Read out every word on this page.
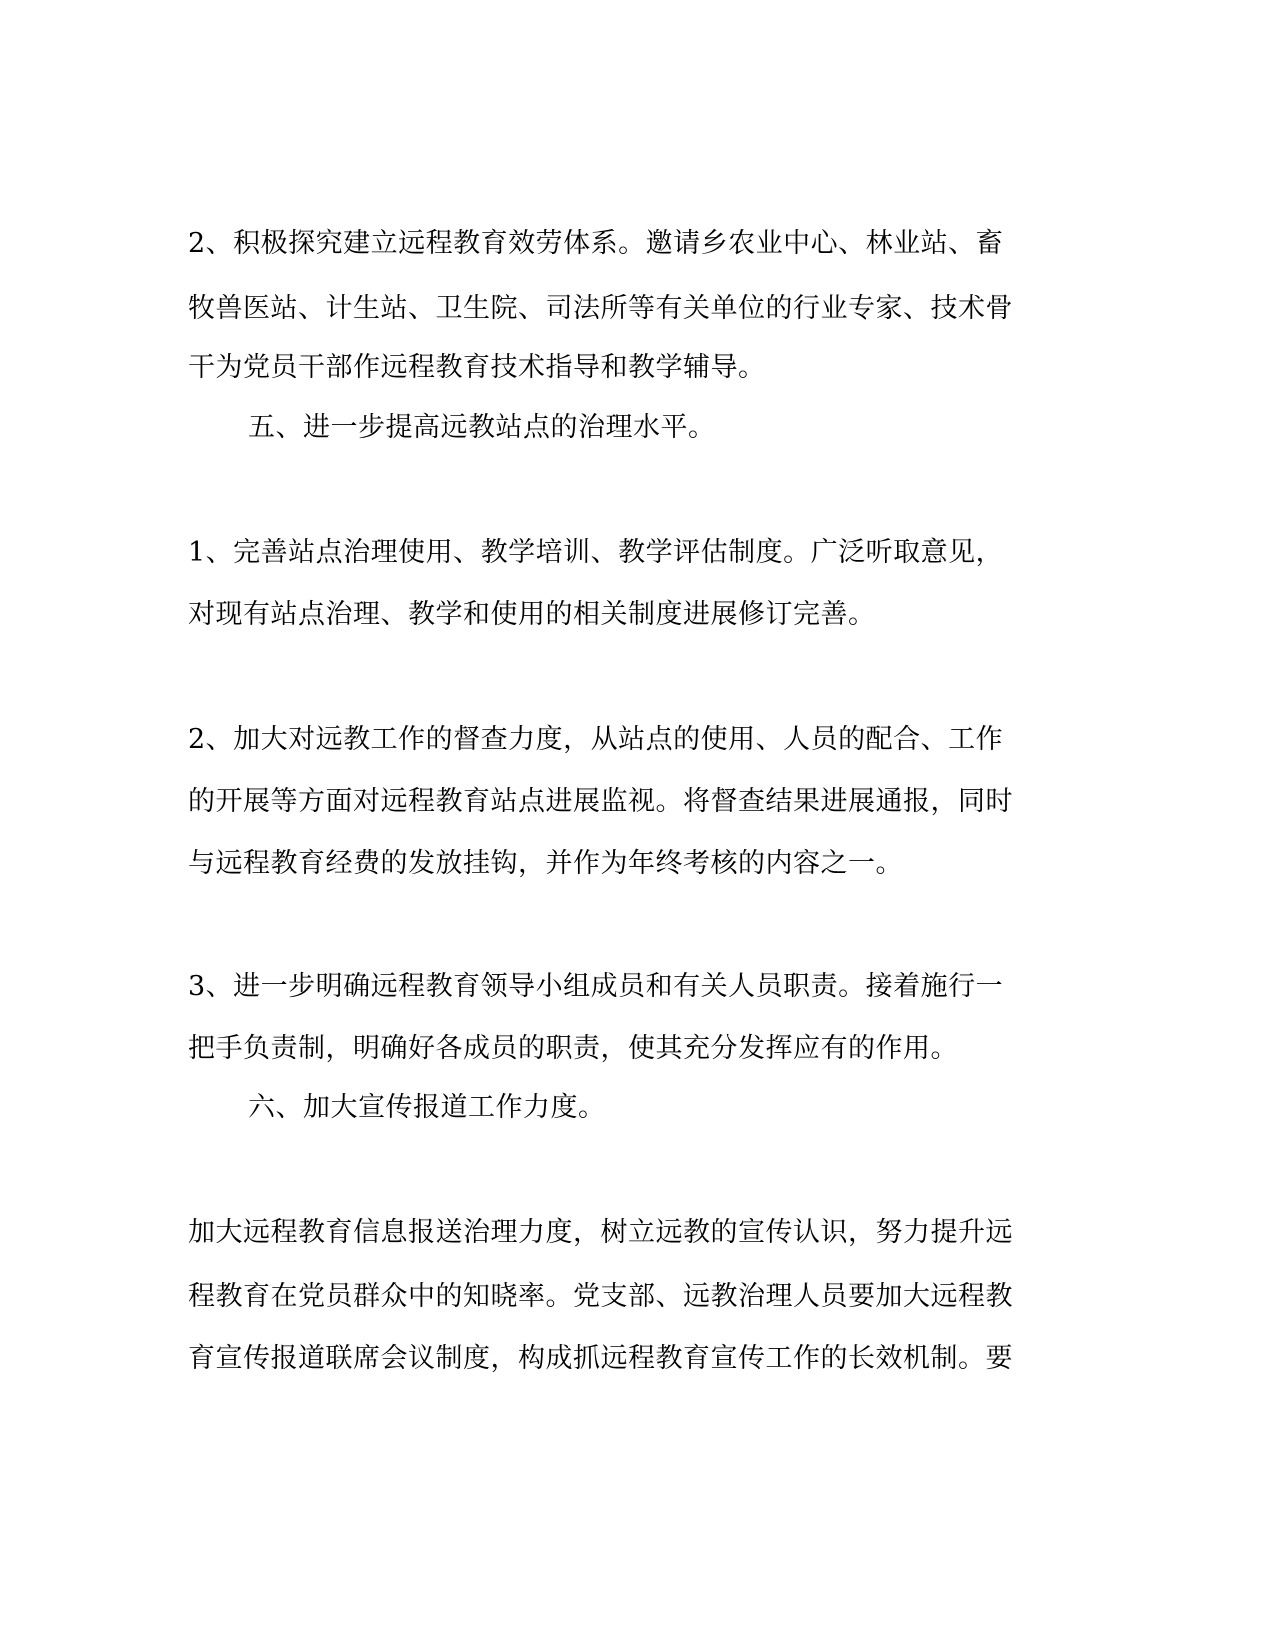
2、积极探究建立远程教育效劳体系。邀请乡农业中心、林业站、畜
牧兽医站、计生站、卫生院、司法所等有关单位的行业专家、技术骨
干为党员干部作远程教育技术指导和教学辅导。
五、进一步提高远教站点的治理水平。
1、完善站点治理使用、教学培训、教学评估制度。广泛听取意见，
对现有站点治理、教学和使用的相关制度进展修订完善。
2、加大对远教工作的督查力度，从站点的使用、人员的配合、工作
的开展等方面对远程教育站点进展监视。将督查结果进展通报，同时
与远程教育经费的发放挂钩，并作为年终考核的内容之一。
3、进一步明确远程教育领导小组成员和有关人员职责。接着施行一
把手负责制，明确好各成员的职责，使其充分发挥应有的作用。
六、加大宣传报道工作力度。
加大远程教育信息报送治理力度，树立远教的宣传认识，努力提升远
程教育在党员群众中的知晓率。党支部、远教治理人员要加大远程教
育宣传报道联席会议制度，构成抓远程教育宣传工作的长效机制。要
